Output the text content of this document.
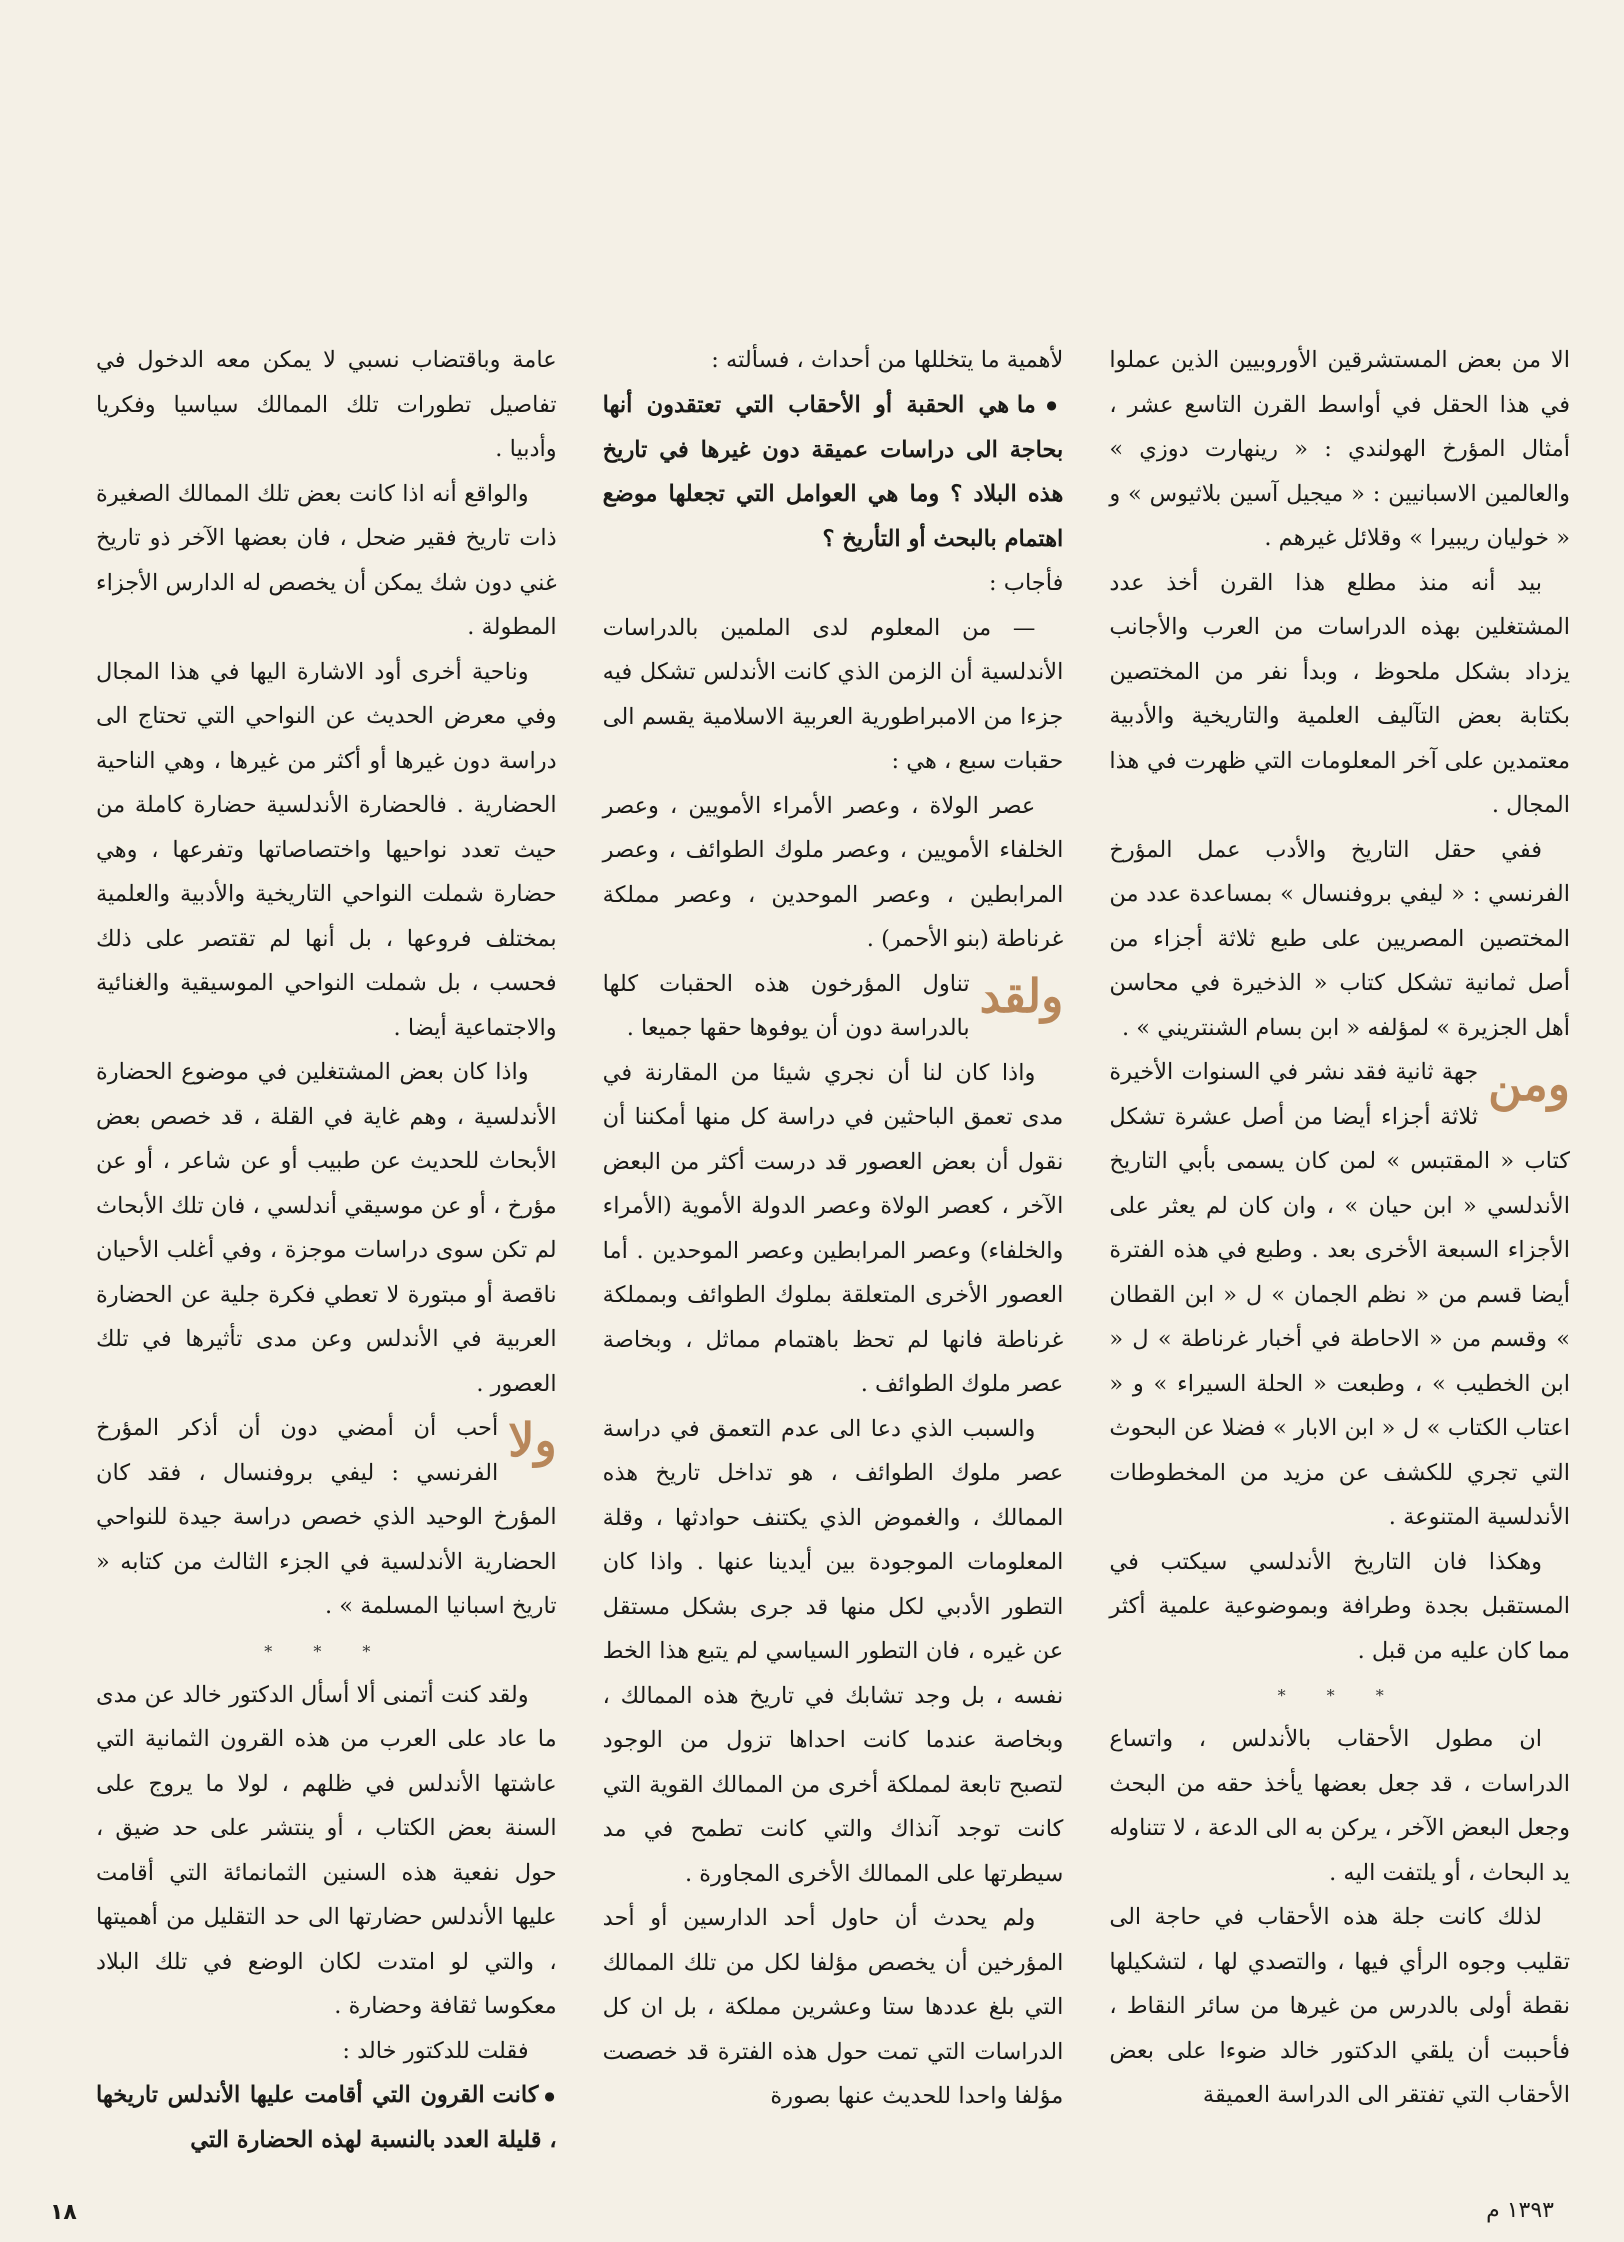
الا من بعض المستشرقين الأوروبيين الذين عملوا في هذا الحقل في أواسط القرن التاسع عشر ، أمثال المؤرخ الهولندي : « رينهارت دوزي » والعالمين الاسبانيين : « ميجيل آسين بلاثيوس » و « خوليان ريبيرا » وقلائل غيرهم .

بيد أنه منذ مطلع هذا القرن أخذ عدد المشتغلين بهذه الدراسات من العرب والأجانب يزداد بشكل ملحوظ ، وبدأ نفر من المختصين بكتابة بعض التآليف العلمية والتاريخية والأدبية معتمدين على آخر المعلومات التي ظهرت في هذا المجال .

ففي حقل التاريخ والأدب عمل المؤرخ الفرنسي : « ليفي بروفنسال » بمساعدة عدد من المختصين المصريين على طبع ثلاثة أجزاء من أصل ثمانية تشكل كتاب « الذخيرة في محاسن أهل الجزيرة » لمؤلفه « ابن بسام الشنتريني » .

ومن
جهة ثانية فقد نشر في السنوات الأخيرة ثلاثة أجزاء أيضا من أصل عشرة تشكل كتاب « المقتبس » لمن كان يسمى بأبي التاريخ الأندلسي « ابن حيان » ، وان كان لم يعثر على الأجزاء السبعة الأخرى بعد . وطبع في هذه الفترة أيضا قسم من « نظم الجمان » ل « ابن القطان » وقسم من « الاحاطة في أخبار غرناطة » ل « ابن الخطيب » ، وطبعت « الحلة السيراء » و « اعتاب الكتاب » ل « ابن الابار » فضلا عن البحوث التي تجري للكشف عن مزيد من المخطوطات الأندلسية المتنوعة .

وهكذا فان التاريخ الأندلسي سيكتب في المستقبل بجدة وطرافة وبموضوعية علمية أكثر مما كان عليه من قبل .

* * *

ان مطول الأحقاب بالأندلس ، واتساع الدراسات ، قد جعل بعضها يأخذ حقه من البحث وجعل البعض الآخر ، يركن به الى الدعة ، لا تتناوله يد البحاث ، أو يلتفت اليه .

لذلك كانت جلة هذه الأحقاب في حاجة الى تقليب وجوه الرأي فيها ، والتصدي لها ، لتشكيلها نقطة أولى بالدرس من غيرها من سائر النقاط ، فأحببت أن يلقي الدكتور خالد ضوءا على بعض الأحقاب التي تفتقر الى الدراسة العميقة

لأهمية ما يتخللها من أحداث ، فسألته :

● ما هي الحقبة أو الأحقاب التي تعتقدون أنها بحاجة الى دراسات عميقة دون غيرها في تاريخ هذه البلاد ؟ وما هي العوامل التي تجعلها موضع اهتمام بالبحث أو التأريخ ؟

فأجاب :

— من المعلوم لدى الملمين بالدراسات الأندلسية أن الزمن الذي كانت الأندلس تشكل فيه جزءا من الامبراطورية العربية الاسلامية يقسم الى حقبات سبع ، هي :

عصر الولاة ، وعصر الأمراء الأمويين ، وعصر الخلفاء الأمويين ، وعصر ملوك الطوائف ، وعصر المرابطين ، وعصر الموحدين ، وعصر مملكة غرناطة (بنو الأحمر) .

ولقد
تناول المؤرخون هذه الحقبات كلها بالدراسة دون أن يوفوها حقها جميعا .

واذا كان لنا أن نجري شيئا من المقارنة في مدى تعمق الباحثين في دراسة كل منها أمكننا أن نقول أن بعض العصور قد درست أكثر من البعض الآخر ، كعصر الولاة وعصر الدولة الأموية (الأمراء والخلفاء) وعصر المرابطين وعصر الموحدين . أما العصور الأخرى المتعلقة بملوك الطوائف وبمملكة غرناطة فانها لم تحظ باهتمام مماثل ، وبخاصة عصر ملوك الطوائف .

والسبب الذي دعا الى عدم التعمق في دراسة عصر ملوك الطوائف ، هو تداخل تاريخ هذه الممالك ، والغموض الذي يكتنف حوادثها ، وقلة المعلومات الموجودة بين أيدينا عنها . واذا كان التطور الأدبي لكل منها قد جرى بشكل مستقل عن غيره ، فان التطور السياسي لم يتبع هذا الخط نفسه ، بل وجد تشابك في تاريخ هذه الممالك ، وبخاصة عندما كانت احداها تزول من الوجود لتصبح تابعة لمملكة أخرى من الممالك القوية التي كانت توجد آنذاك والتي كانت تطمح في مد سيطرتها على الممالك الأخرى المجاورة .

ولم يحدث أن حاول أحد الدارسين أو أحد المؤرخين أن يخصص مؤلفا لكل من تلك الممالك التي بلغ عددها ستا وعشرين مملكة ، بل ان كل الدراسات التي تمت حول هذه الفترة قد خصصت مؤلفا واحدا للحديث عنها بصورة

عامة وباقتضاب نسبي لا يمكن معه الدخول في تفاصيل تطورات تلك الممالك سياسيا وفكريا وأدبيا .

والواقع أنه اذا كانت بعض تلك الممالك الصغيرة ذات تاريخ فقير ضحل ، فان بعضها الآخر ذو تاريخ غني دون شك يمكن أن يخصص له الدارس الأجزاء المطولة .

وناحية أخرى أود الاشارة اليها في هذا المجال وفي معرض الحديث عن النواحي التي تحتاج الى دراسة دون غيرها أو أكثر من غيرها ، وهي الناحية الحضارية . فالحضارة الأندلسية حضارة كاملة من حيث تعدد نواحيها واختصاصاتها وتفرعها ، وهي حضارة شملت النواحي التاريخية والأدبية والعلمية بمختلف فروعها ، بل أنها لم تقتصر على ذلك فحسب ، بل شملت النواحي الموسيقية والغنائية والاجتماعية أيضا .

واذا كان بعض المشتغلين في موضوع الحضارة الأندلسية ، وهم غاية في القلة ، قد خصص بعض الأبحاث للحديث عن طبيب أو عن شاعر ، أو عن مؤرخ ، أو عن موسيقي أندلسي ، فان تلك الأبحاث لم تكن سوى دراسات موجزة ، وفي أغلب الأحيان ناقصة أو مبتورة لا تعطي فكرة جلية عن الحضارة العربية في الأندلس وعن مدى تأثيرها في تلك العصور .

ولا
أحب أن أمضي دون أن أذكر المؤرخ الفرنسي : ليفي بروفنسال ، فقد كان المؤرخ الوحيد الذي خصص دراسة جيدة للنواحي الحضارية الأندلسية في الجزء الثالث من كتابه « تاريخ اسبانيا المسلمة » .

* * *

ولقد كنت أتمنى ألا أسأل الدكتور خالد عن مدى ما عاد على العرب من هذه القرون الثمانية التي عاشتها الأندلس في ظلهم ، لولا ما يروج على السنة بعض الكتاب ، أو ينتشر على حد ضيق ، حول نفعية هذه السنين الثمانمائة التي أقامت عليها الأندلس حضارتها الى حد التقليل من أهميتها ، والتي لو امتدت لكان الوضع في تلك البلاد معكوسا ثقافة وحضارة .

فقلت للدكتور خالد :

● كانت القرون التي أقامت عليها الأندلس تاريخها ، قليلة العدد بالنسبة لهذه الحضارة التي

١٨	١٣٩٣ م
